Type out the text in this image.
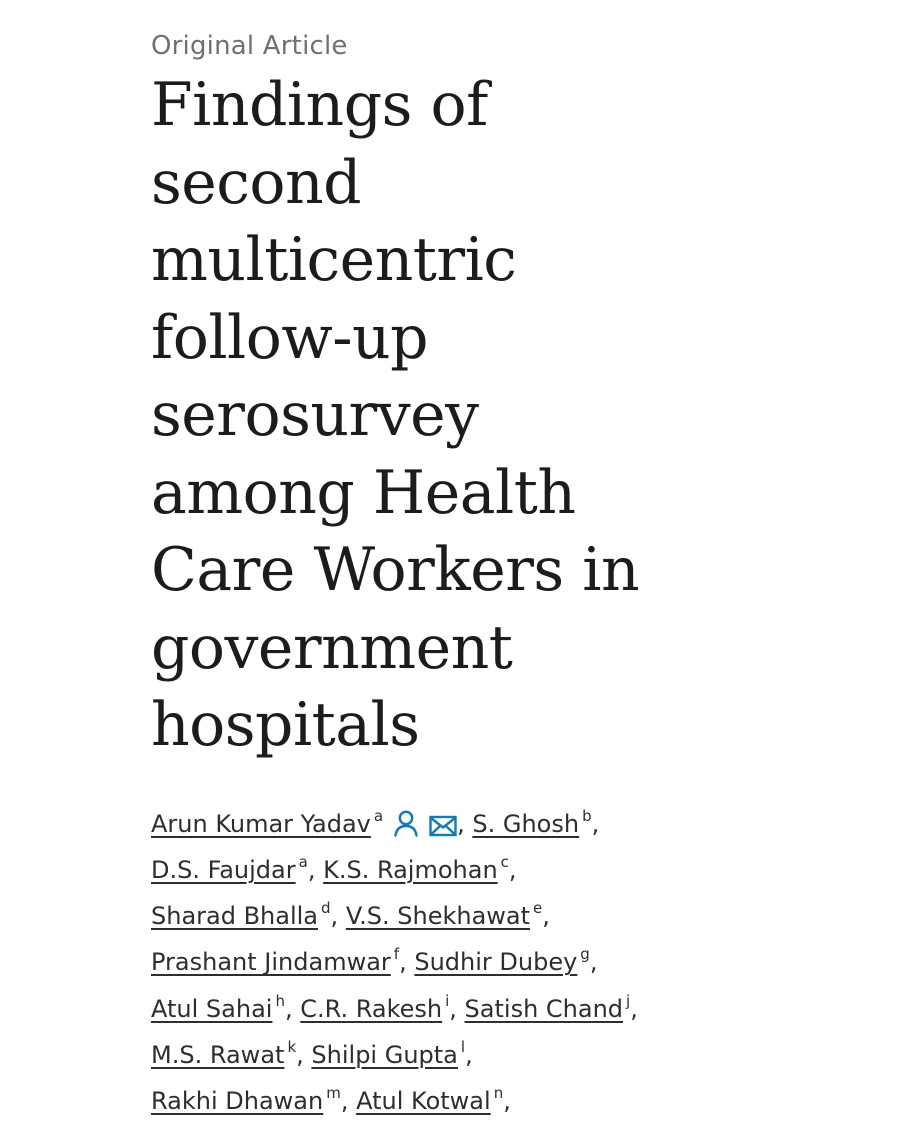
Original Article
Findings of second multicentric follow-up serosurvey among Health Care Workers in government hospitals
Arun Kumar Yadav $^a$	, S. Ghosh $^b$,
D.S. Faujdar $^a$, K.S. Rajmohan $^c$,
Sharad Bhalla $^d$, V.S. Shekhawat $^e$,
Prashant Jindamwar $^f$, Sudhir Dubey $^g$,
Atul Sahai $^h$, C.R. Rakesh $^i$, Satish Chand $^j$,
M.S. Rawat $^k$, Shilpi Gupta $^l$,
Rakhi Dhawan $^m$, Atul Kotwal $^n$,
